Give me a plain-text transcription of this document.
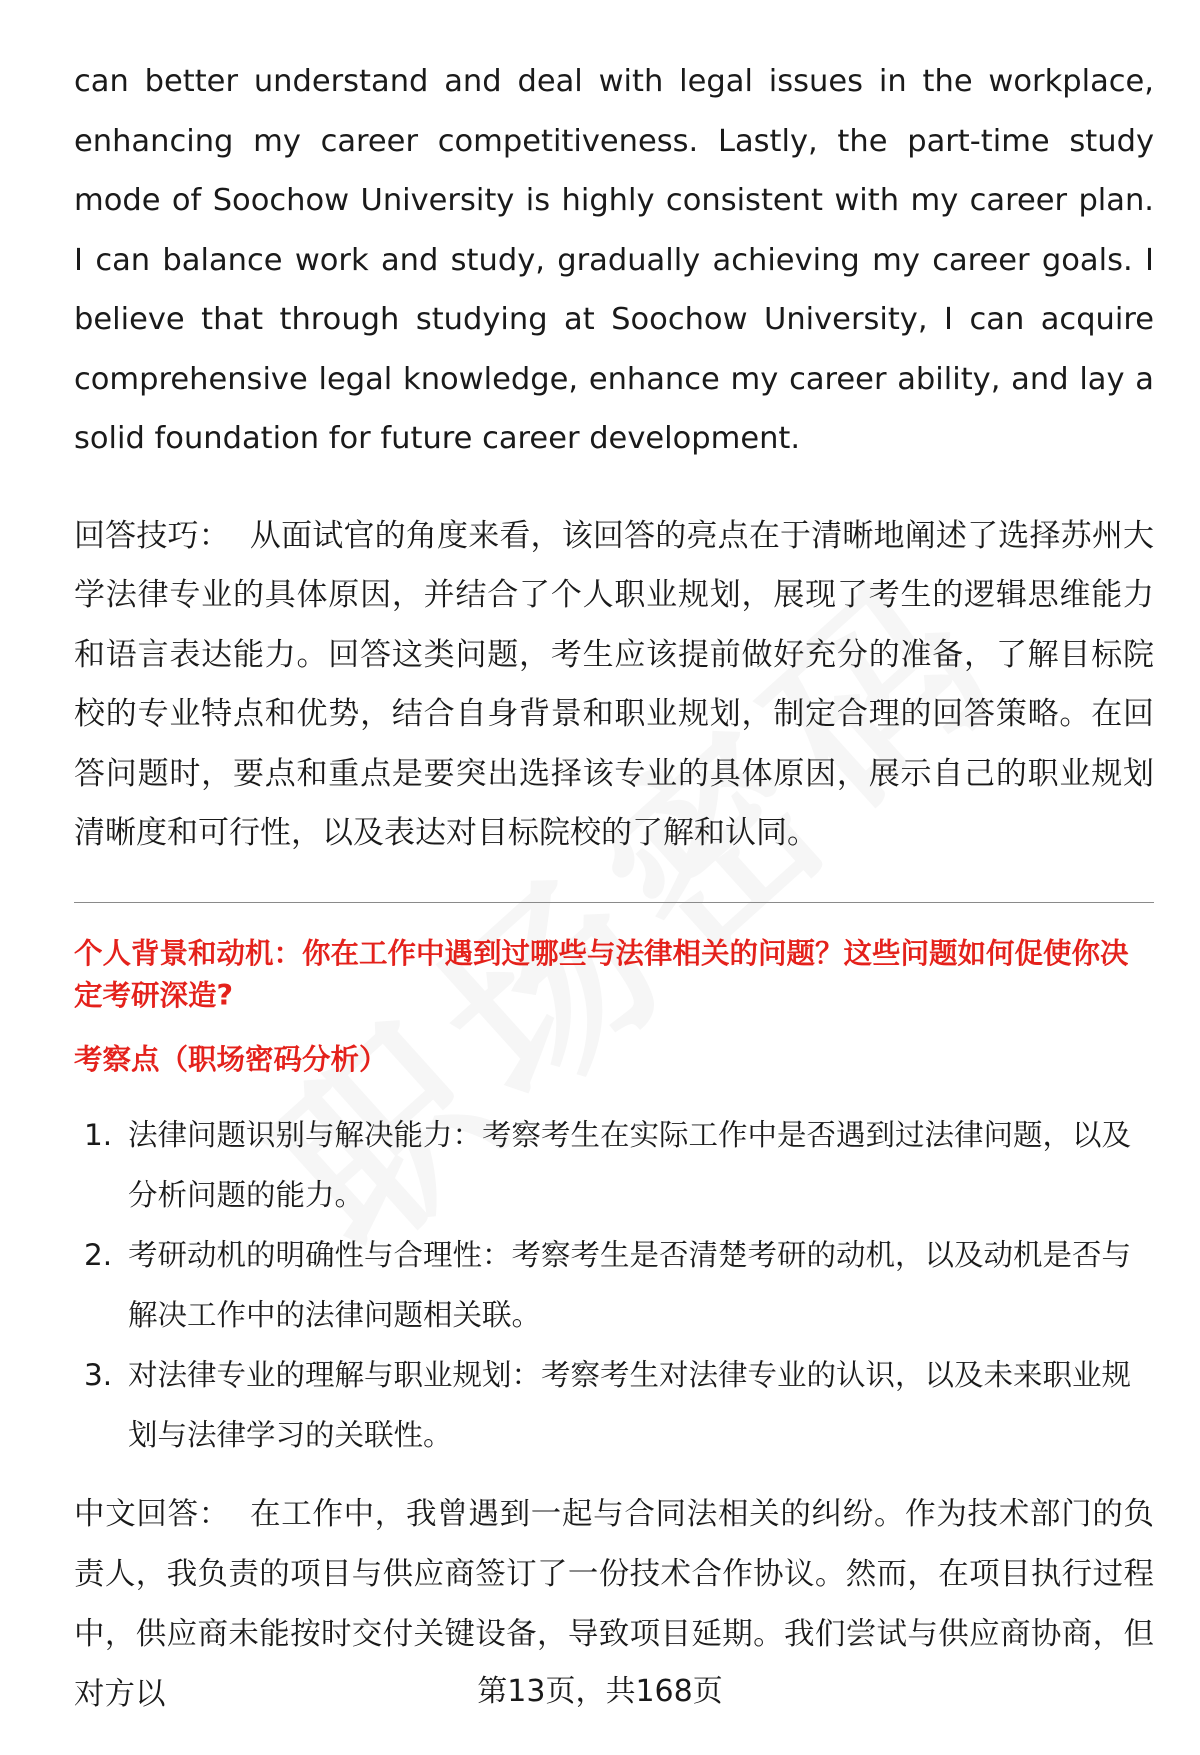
can better understand and deal with legal issues in the workplace, enhancing my career competitiveness. Lastly, the part-time study mode of Soochow University is highly consistent with my career plan. I can balance work and study, gradually achieving my career goals. I believe that through studying at Soochow University, I can acquire comprehensive legal knowledge, enhance my career ability, and lay a solid foundation for future career development.

回答技巧： 从面试官的角度来看，该回答的亮点在于清晰地阐述了选择苏州大学法律专业的具体原因，并结合了个人职业规划，展现了考生的逻辑思维能力和语言表达能力。回答这类问题，考生应该提前做好充分的准备，了解目标院校的专业特点和优势，结合自身背景和职业规划，制定合理的回答策略。在回答问题时，要点和重点是要突出选择该专业的具体原因，展示自己的职业规划清晰度和可行性，以及表达对目标院校的了解和认同。

个人背景和动机：你在工作中遇到过哪些与法律相关的问题？这些问题如何促使你决定考研深造?
考察点（职场密码分析）
1. 法律问题识别与解决能力：考察考生在实际工作中是否遇到过法律问题，以及分析问题的能力。
2. 考研动机的明确性与合理性：考察考生是否清楚考研的动机，以及动机是否与解决工作中的法律问题相关联。
3. 对法律专业的理解与职业规划：考察考生对法律专业的认识，以及未来职业规划与法律学习的关联性。

中文回答： 在工作中，我曾遇到一起与合同法相关的纠纷。作为技术部门的负责人，我负责的项目与供应商签订了一份技术合作协议。然而，在项目执行过程中，供应商未能按时交付关键设备，导致项目延期。我们尝试与供应商协商，但对方以	第13页，共168页
